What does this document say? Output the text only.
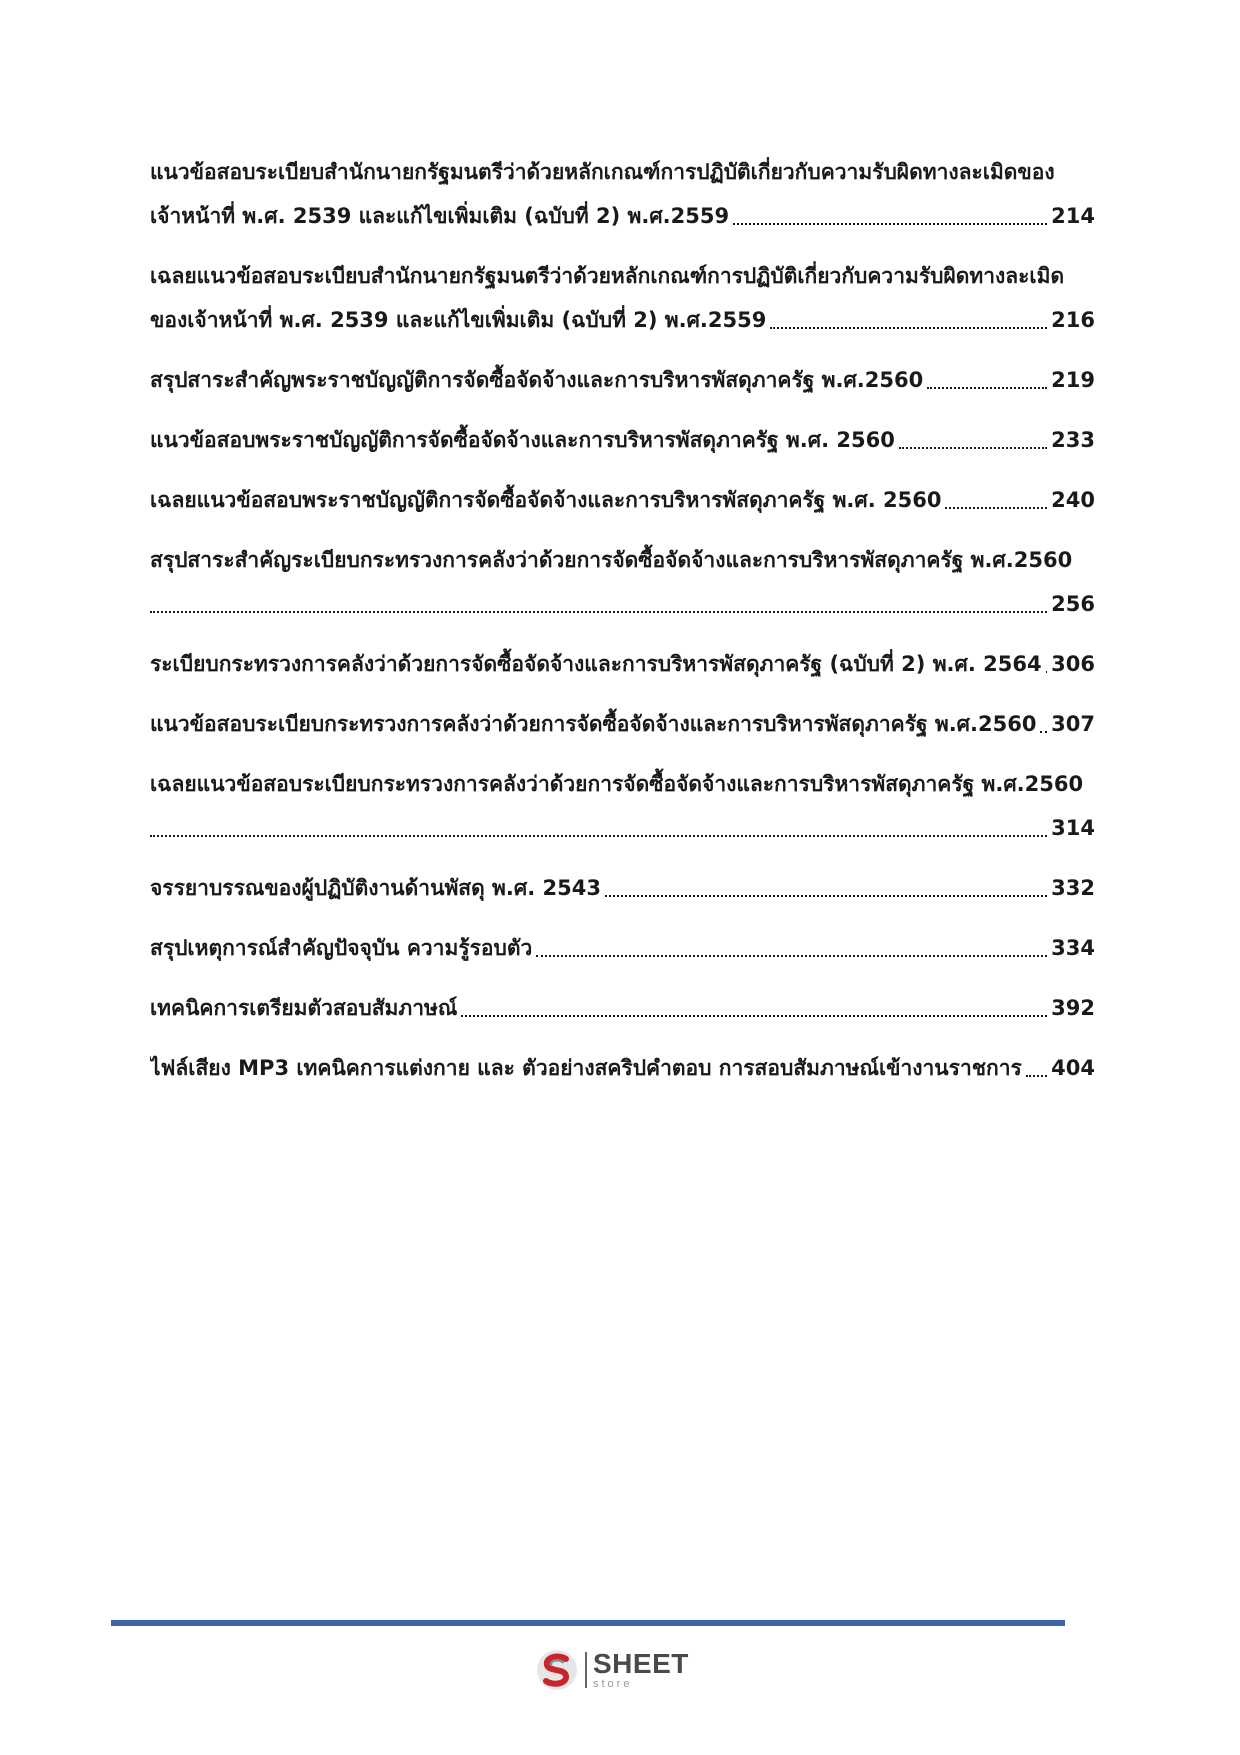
แนวข้อสอบระเบียบสำนักนายกรัฐมนตรีว่าด้วยหลักเกณฑ์การปฏิบัติเกี่ยวกับความรับผิดทางละเมิดของ
เจ้าหน้าที่ พ.ศ. 2539 และแก้ไขเพิ่มเติม (ฉบับที่ 2) พ.ศ.2559	214
เฉลยแนวข้อสอบระเบียบสำนักนายกรัฐมนตรีว่าด้วยหลักเกณฑ์การปฏิบัติเกี่ยวกับความรับผิดทางละเมิด
ของเจ้าหน้าที่ พ.ศ. 2539 และแก้ไขเพิ่มเติม (ฉบับที่ 2) พ.ศ.2559	216
สรุปสาระสำคัญพระราชบัญญัติการจัดซื้อจัดจ้างและการบริหารพัสดุภาครัฐ พ.ศ.2560	219
แนวข้อสอบพระราชบัญญัติการจัดซื้อจัดจ้างและการบริหารพัสดุภาครัฐ พ.ศ. 2560	233
เฉลยแนวข้อสอบพระราชบัญญัติการจัดซื้อจัดจ้างและการบริหารพัสดุภาครัฐ พ.ศ. 2560	240
สรุปสาระสำคัญระเบียบกระทรวงการคลังว่าด้วยการจัดซื้อจัดจ้างและการบริหารพัสดุภาครัฐ พ.ศ.2560
256
ระเบียบกระทรวงการคลังว่าด้วยการจัดซื้อจัดจ้างและการบริหารพัสดุภาครัฐ (ฉบับที่ 2) พ.ศ. 2564 306
แนวข้อสอบระเบียบกระทรวงการคลังว่าด้วยการจัดซื้อจัดจ้างและการบริหารพัสดุภาครัฐ พ.ศ.2560 307
เฉลยแนวข้อสอบระเบียบกระทรวงการคลังว่าด้วยการจัดซื้อจัดจ้างและการบริหารพัสดุภาครัฐ พ.ศ.2560
314
จรรยาบรรณของผู้ปฏิบัติงานด้านพัสดุ พ.ศ. 2543	332
สรุปเหตุการณ์สำคัญปัจจุบัน ความรู้รอบตัว	334
เทคนิคการเตรียมตัวสอบสัมภาษณ์	392
ไฟล์เสียง MP3 เทคนิคการแต่งกาย และ ตัวอย่างสคริปคำตอบ การสอบสัมภาษณ์เข้างานราชการ 404
SHEET
store
